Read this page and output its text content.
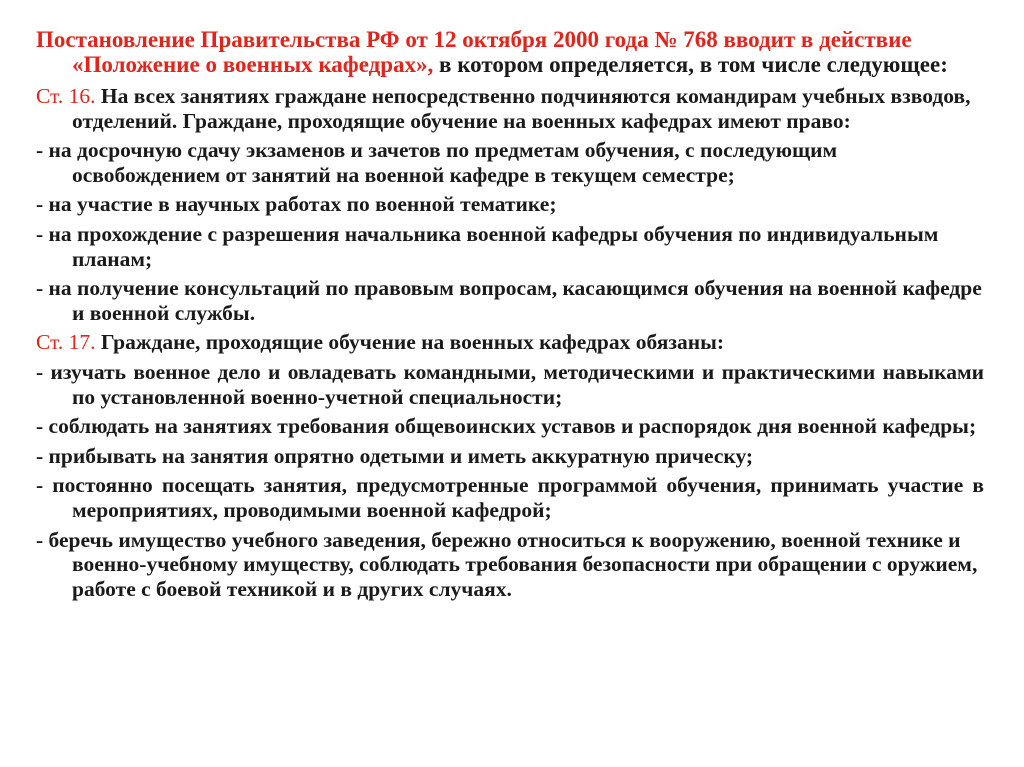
Постановление Правительства РФ от 12 октября 2000 года № 768 вводит в действие «Положение о военных кафедрах», в котором определяется, в том числе следующее:

Ст. 16. На всех занятиях граждане непосредственно подчиняются командирам учебных взводов, отделений. Граждане, проходящие обучение на военных кафедрах имеют право:

- на досрочную сдачу экзаменов и зачетов по предметам обучения, с последующим освобождением от занятий на военной кафедре в текущем семестре;

- на участие в научных работах по военной тематике;

- на прохождение с разрешения начальника военной кафедры обучения по индивидуальным планам;

- на получение консультаций по правовым вопросам, касающимся обучения на военной кафедре и военной службы.

Ст. 17. Граждане, проходящие обучение на военных кафедрах обязаны:

- изучать военное дело и овладевать командными, методическими и практическими навыками по установленной военно-учетной специальности;

- соблюдать на занятиях требования общевоинских уставов и распорядок дня военной кафедры;

- прибывать на занятия опрятно одетыми и иметь аккуратную прическу;

- постоянно посещать занятия, предусмотренные программой обучения, принимать участие в мероприятиях, проводимыми военной кафедрой;

- беречь имущество учебного заведения, бережно относиться к вооружению, военной технике и военно-учебному имуществу, соблюдать требования безопасности при обращении с оружием, работе с боевой техникой и в других случаях.
